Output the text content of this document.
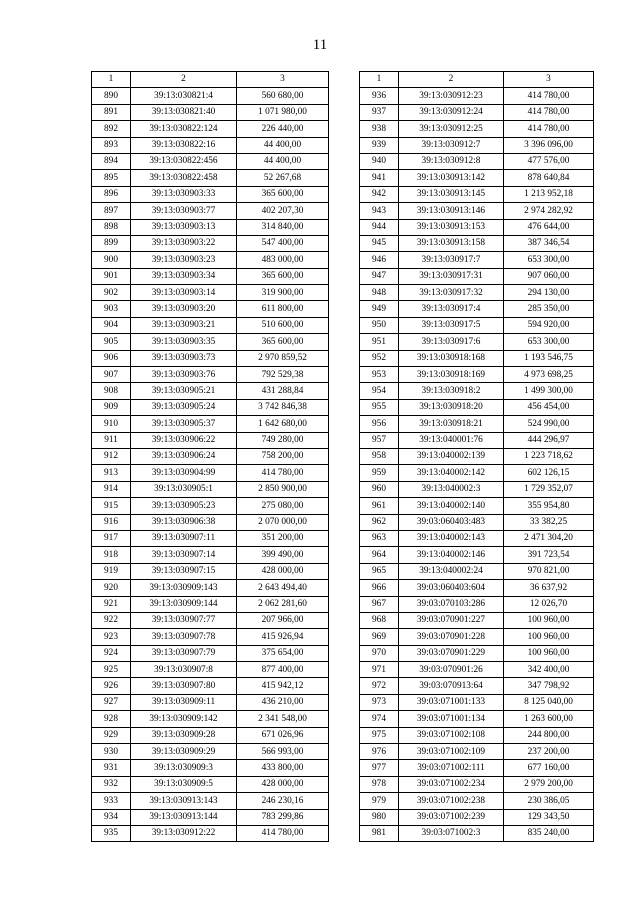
11
1	2	3
890	39:13:030821:4	560 680,00
891	39:13:030821:40	1 071 980,00
892	39:13:030822:124	226 440,00
893	39:13:030822:16	44 400,00
894	39:13:030822:456	44 400,00
895	39:13:030822:458	52 267,68
896	39:13:030903:33	365 600,00
897	39:13:030903:77	402 207,30
898	39:13:030903:13	314 840,00
899	39:13:030903:22	547 400,00
900	39:13:030903:23	483 000,00
901	39:13:030903:34	365 600,00
902	39:13:030903:14	319 900,00
903	39:13:030903:20	611 800,00
904	39:13:030903:21	510 600,00
905	39:13:030903:35	365 600,00
906	39:13:030903:73	2 970 859,52
907	39:13:030903:76	792 529,38
908	39:13:030905:21	431 288,84
909	39:13:030905:24	3 742 846,38
910	39:13:030905:37	1 642 680,00
911	39:13:030906:22	749 280,00
912	39:13:030906:24	758 200,00
913	39:13:030904:99	414 780,00
914	39:13:030905:1	2 850 900,00
915	39:13:030905:23	275 080,00
916	39:13:030906:38	2 070 000,00
917	39:13:030907:11	351 200,00
918	39:13:030907:14	399 490,00
919	39:13:030907:15	428 000,00
920	39:13:030909:143	2 643 494,40
921	39:13:030909:144	2 062 281,60
922	39:13:030907:77	207 966,00
923	39:13:030907:78	415 926,94
924	39:13:030907:79	375 654,00
925	39:13:030907:8	877 400,00
926	39:13:030907:80	415 942,12
927	39:13:030909:11	436 210,00
928	39:13:030909:142	2 341 548,00
929	39:13:030909:28	671 026,96
930	39:13:030909:29	566 993,00
931	39:13:030909:3	433 800,00
932	39:13:030909:5	428 000,00
933	39:13:030913:143	246 230,16
934	39:13:030913:144	783 299,86
935	39:13:030912:22	414 780,00
1	2	3
936	39:13:030912:23	414 780,00
937	39:13:030912:24	414 780,00
938	39:13:030912:25	414 780,00
939	39:13:030912:7	3 396 096,00
940	39:13:030912:8	477 576,00
941	39:13:030913:142	878 640,84
942	39:13:030913:145	1 213 952,18
943	39:13:030913:146	2 974 282,92
944	39:13:030913:153	476 644,00
945	39:13:030913:158	387 346,54
946	39:13:030917:7	653 300,00
947	39:13:030917:31	907 060,00
948	39:13:030917:32	294 130,00
949	39:13:030917:4	285 350,00
950	39:13:030917:5	594 920,00
951	39:13:030917:6	653 300,00
952	39:13:030918:168	1 193 546,75
953	39:13:030918:169	4 973 698,25
954	39:13:030918:2	1 499 300,00
955	39:13:030918:20	456 454,00
956	39:13:030918:21	524 990,00
957	39:13:040001:76	444 296,97
958	39:13:040002:139	1 223 718,62
959	39:13:040002:142	602 126,15
960	39:13:040002:3	1 729 352,07
961	39:13:040002:140	355 954,80
962	39:03:060403:483	33 382,25
963	39:13:040002:143	2 471 304,20
964	39:13:040002:146	391 723,54
965	39:13:040002:24	970 821,00
966	39:03:060403:604	36 637,92
967	39:03:070103:286	12 026,70
968	39:03:070901:227	100 960,00
969	39:03:070901:228	100 960,00
970	39:03:070901:229	100 960,00
971	39:03:070901:26	342 400,00
972	39:03:070913:64	347 798,92
973	39:03:071001:133	8 125 040,00
974	39:03:071001:134	1 263 600,00
975	39:03:071002:108	244 800,00
976	39:03:071002:109	237 200,00
977	39:03:071002:111	677 160,00
978	39:03:071002:234	2 979 200,00
979	39:03:071002:238	230 386,05
980	39:03:071002:239	129 343,50
981	39:03:071002:3	835 240,00
